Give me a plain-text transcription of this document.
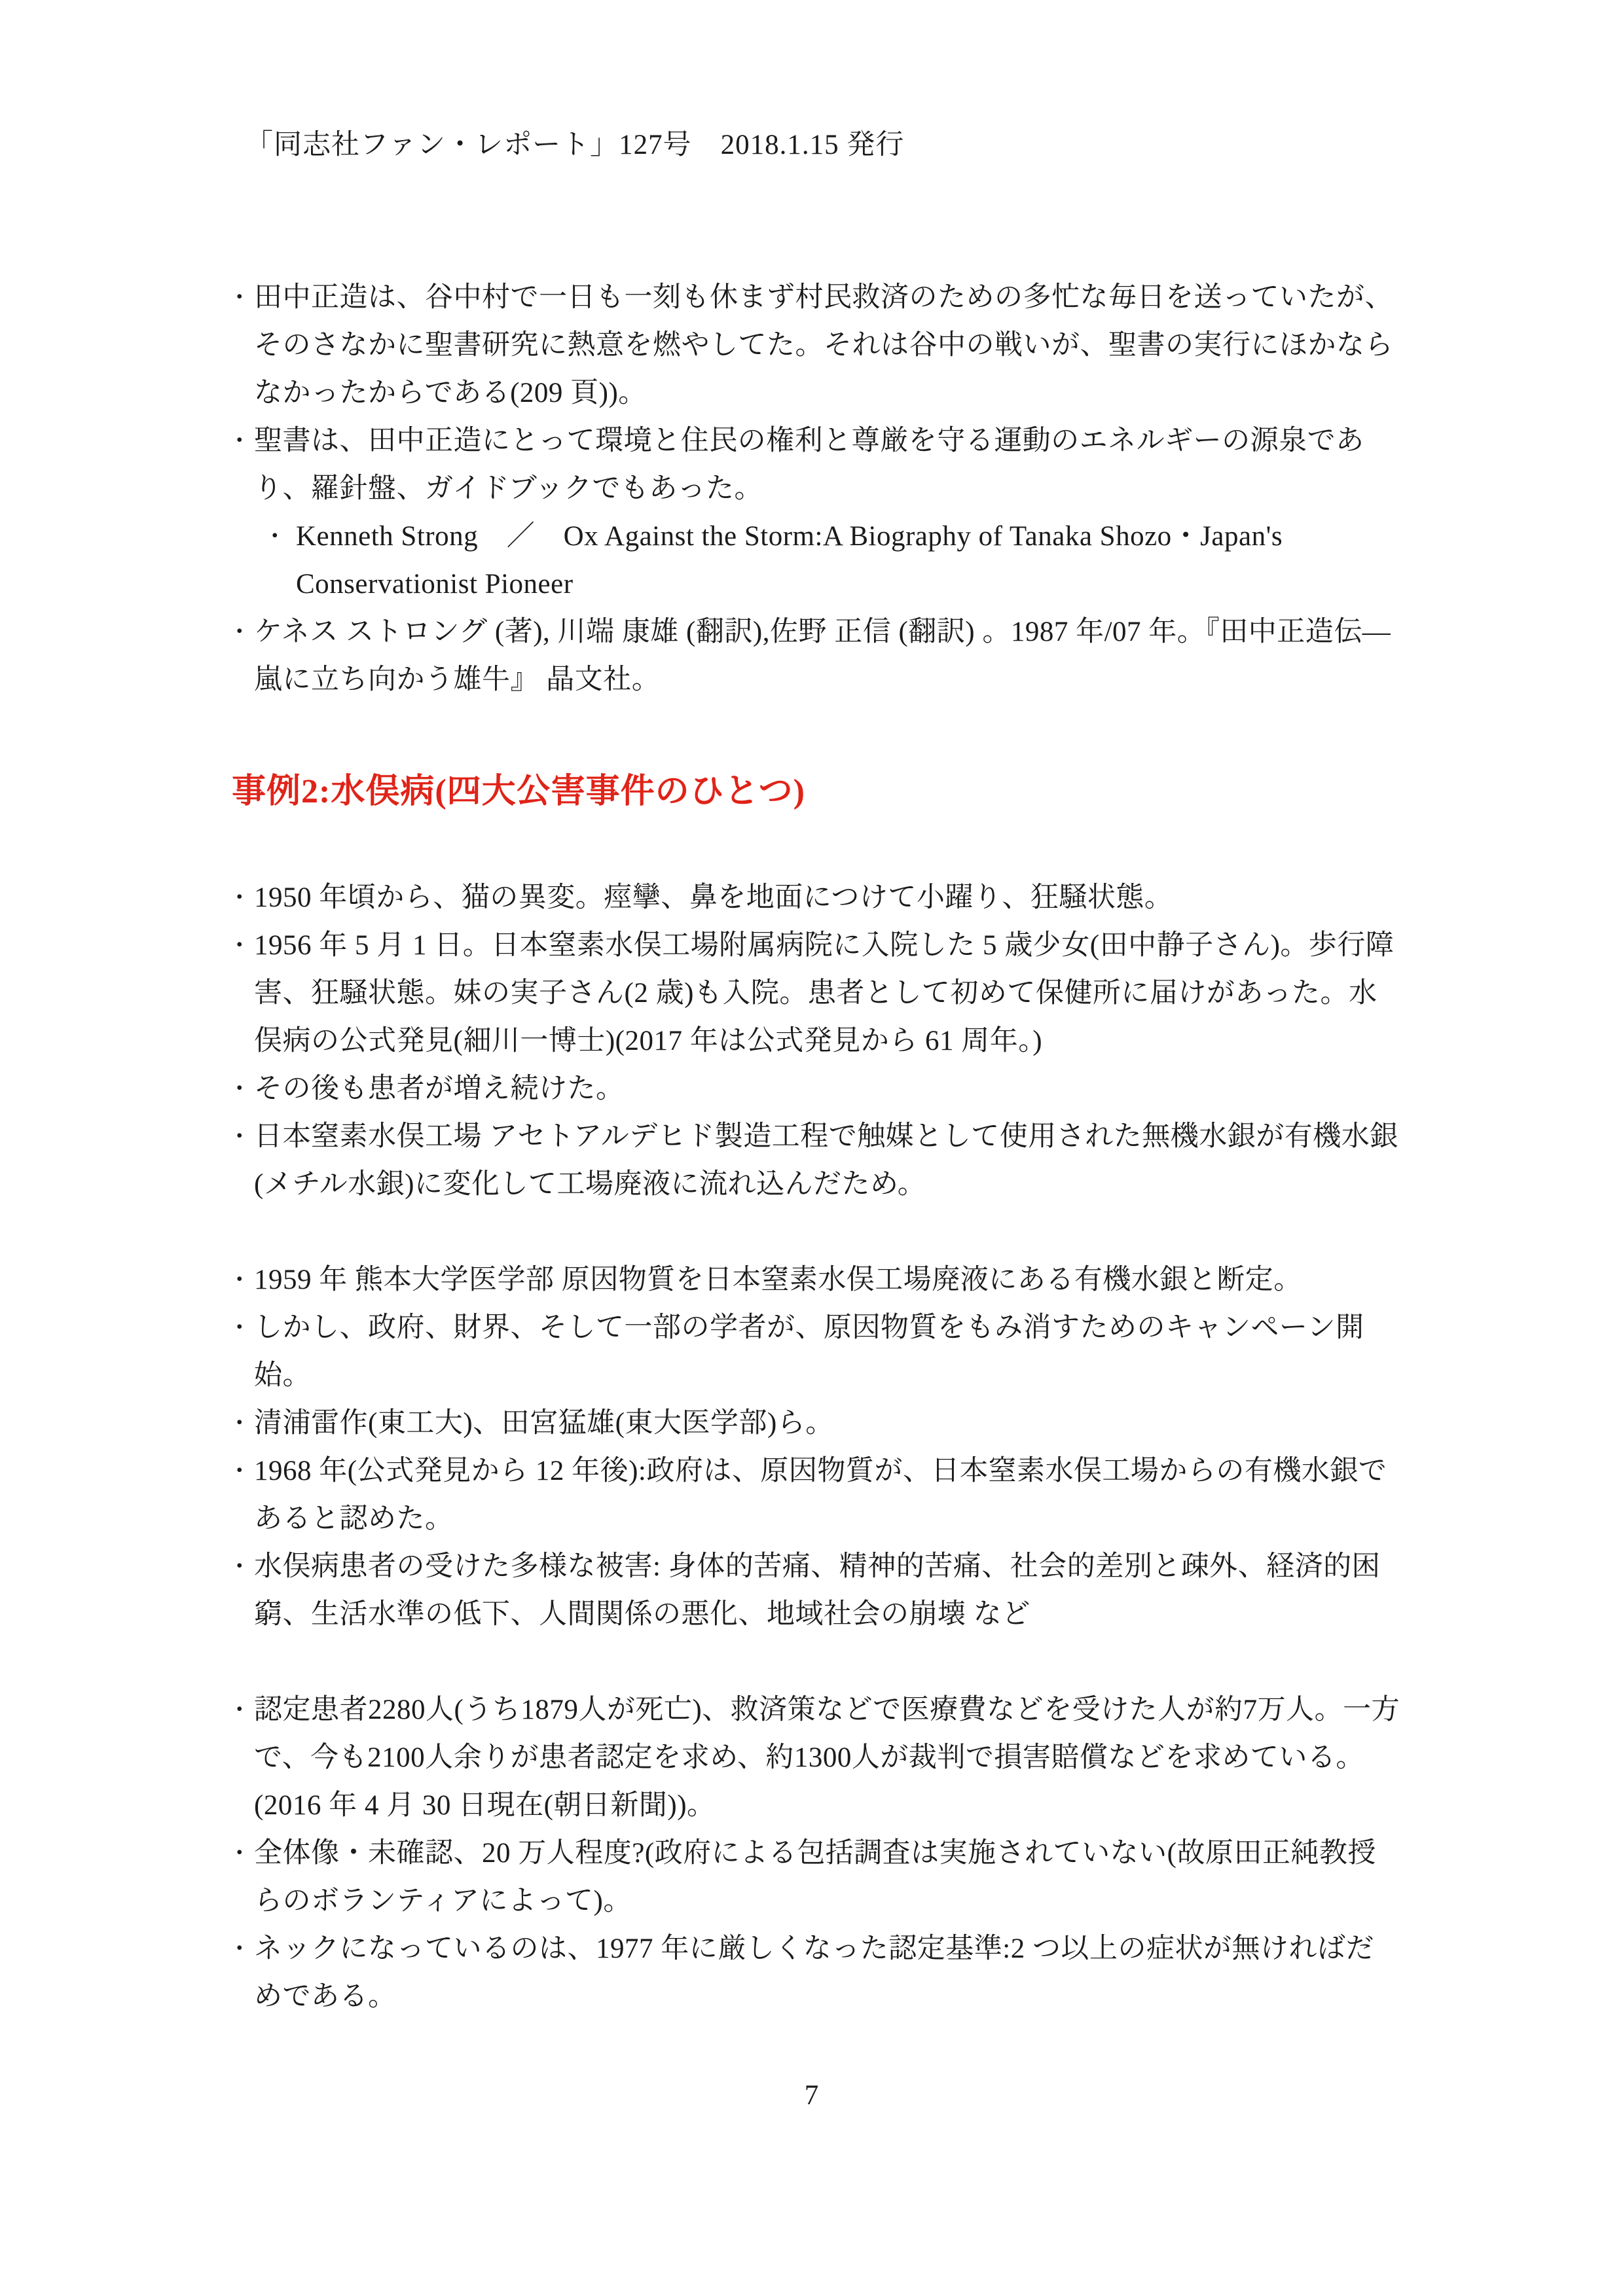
「同志社ファン・レポート」127号　2018.1.15 発行
・ 田中正造は、谷中村で一日も一刻も休まず村民救済のための多忙な毎日を送っていたが、そのさなかに聖書研究に熱意を燃やしてた。それは谷中の戦いが、聖書の実行にほかならなかったからである(209 頁))。
・ 聖書は、田中正造にとって環境と住民の権利と尊厳を守る運動のエネルギーの源泉であり、羅針盤、ガイドブックでもあった。
・ Kenneth Strong　／　Ox Against the Storm:A Biography of Tanaka Shozo・Japan's Conservationist Pioneer
・ ケネス ストロング (著), 川端 康雄 (翻訳),佐野 正信 (翻訳) 。1987 年/07 年。『田中正造伝―嵐に立ち向かう雄牛』 晶文社。
事例2:水俣病(四大公害事件のひとつ)
・ 1950 年頃から、猫の異変。痙攣、鼻を地面につけて小躍り、狂騒状態。
・ 1956 年 5 月 1 日。日本窒素水俣工場附属病院に入院した 5 歳少女(田中静子さん)。歩行障害、狂騒状態。妹の実子さん(2 歳)も入院。患者として初めて保健所に届けがあった。水俣病の公式発見(細川一博士)(2017 年は公式発見から 61 周年。)
・ その後も患者が増え続けた。
・ 日本窒素水俣工場 アセトアルデヒド製造工程で触媒として使用された無機水銀が有機水銀(メチル水銀)に変化して工場廃液に流れ込んだため。
・ 1959 年 熊本大学医学部 原因物質を日本窒素水俣工場廃液にある有機水銀と断定。
・ しかし、政府、財界、そして一部の学者が、原因物質をもみ消すためのキャンペーン開始。
・ 清浦雷作(東工大)、田宮猛雄(東大医学部)ら。
・ 1968 年(公式発見から 12 年後):政府は、原因物質が、日本窒素水俣工場からの有機水銀であると認めた。
・ 水俣病患者の受けた多様な被害: 身体的苦痛、精神的苦痛、社会的差別と疎外、経済的困窮、生活水準の低下、人間関係の悪化、地域社会の崩壊 など
・ 認定患者2280人(うち1879人が死亡)、救済策などで医療費などを受けた人が約7万人。一方で、今も2100人余りが患者認定を求め、約1300人が裁判で損害賠償などを求めている。(2016 年 4 月 30 日現在(朝日新聞))。
・ 全体像・未確認、20 万人程度?(政府による包括調査は実施されていない(故原田正純教授らのボランティアによって)。
・ ネックになっているのは、1977 年に厳しくなった認定基準:2 つ以上の症状が無ければだめである。
7
